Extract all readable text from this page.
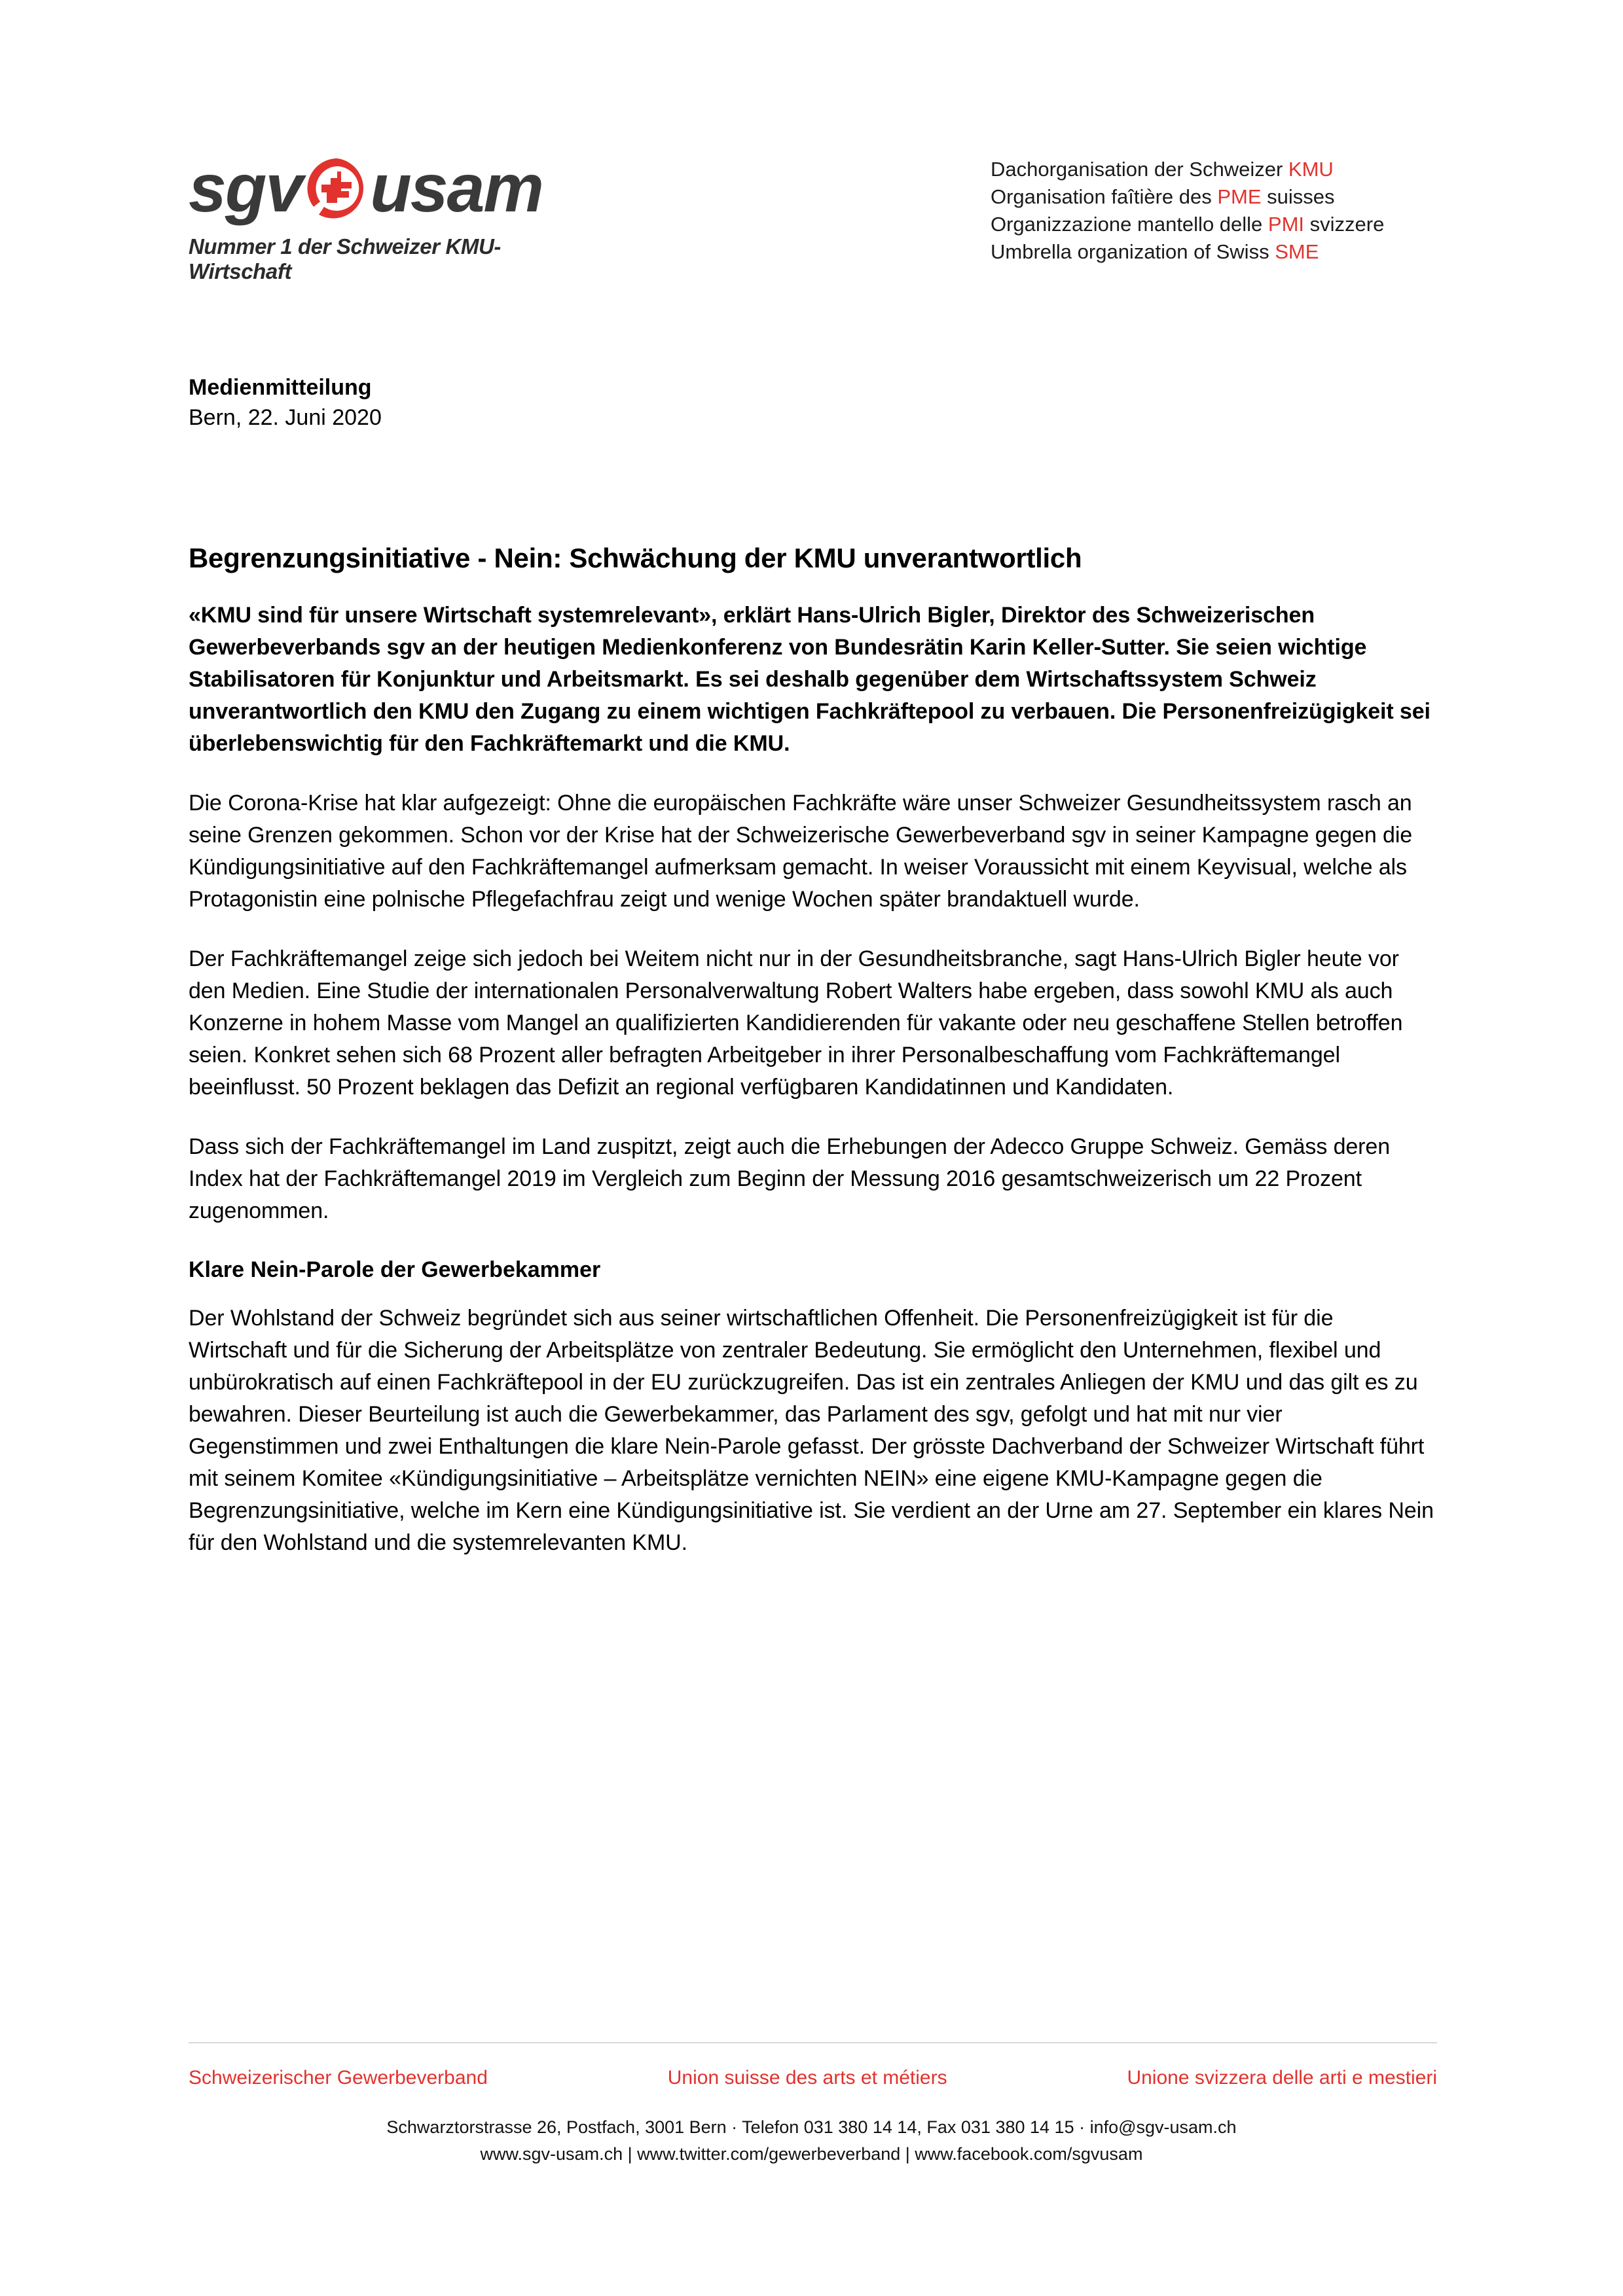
sgv usam
Nummer 1 der Schweizer KMU-Wirtschaft
Dachorganisation der Schweizer KMU
Organisation faîtière des PME suisses
Organizzazione mantello delle PMI svizzere
Umbrella organization of Swiss SME
Medienmitteilung
Bern, 22. Juni 2020
Begrenzungsinitiative - Nein: Schwächung der KMU unverantwortlich

«KMU sind für unsere Wirtschaft systemrelevant», erklärt Hans-Ulrich Bigler, Direktor des Schweizerischen Gewerbeverbands sgv an der heutigen Medienkonferenz von Bundesrätin Karin Keller-Sutter. Sie seien wichtige Stabilisatoren für Konjunktur und Arbeitsmarkt. Es sei deshalb gegenüber dem Wirtschaftssystem Schweiz unverantwortlich den KMU den Zugang zu einem wichtigen Fachkräftepool zu verbauen. Die Personenfreizügigkeit sei überlebenswichtig für den Fachkräftemarkt und die KMU.

Die Corona-Krise hat klar aufgezeigt: Ohne die europäischen Fachkräfte wäre unser Schweizer Gesundheitssystem rasch an seine Grenzen gekommen. Schon vor der Krise hat der Schweizerische Gewerbeverband sgv in seiner Kampagne gegen die Kündigungsinitiative auf den Fachkräftemangel aufmerksam gemacht. In weiser Voraussicht mit einem Keyvisual, welche als Protagonistin eine polnische Pflegefachfrau zeigt und wenige Wochen später brandaktuell wurde.

Der Fachkräftemangel zeige sich jedoch bei Weitem nicht nur in der Gesundheitsbranche, sagt Hans-Ulrich Bigler heute vor den Medien. Eine Studie der internationalen Personalverwaltung Robert Walters habe ergeben, dass sowohl KMU als auch Konzerne in hohem Masse vom Mangel an qualifizierten Kandidierenden für vakante oder neu geschaffene Stellen betroffen seien. Konkret sehen sich 68 Prozent aller befragten Arbeitgeber in ihrer Personalbeschaffung vom Fachkräftemangel beeinflusst. 50 Prozent beklagen das Defizit an regional verfügbaren Kandidatinnen und Kandidaten.

Dass sich der Fachkräftemangel im Land zuspitzt, zeigt auch die Erhebungen der Adecco Gruppe Schweiz. Gemäss deren Index hat der Fachkräftemangel 2019 im Vergleich zum Beginn der Messung 2016 gesamtschweizerisch um 22 Prozent zugenommen.

Klare Nein-Parole der Gewerbekammer

Der Wohlstand der Schweiz begründet sich aus seiner wirtschaftlichen Offenheit. Die Personenfreizügigkeit ist für die Wirtschaft und für die Sicherung der Arbeitsplätze von zentraler Bedeutung. Sie ermöglicht den Unternehmen, flexibel und unbürokratisch auf einen Fachkräftepool in der EU zurückzugreifen. Das ist ein zentrales Anliegen der KMU und das gilt es zu bewahren. Dieser Beurteilung ist auch die Gewerbekammer, das Parlament des sgv, gefolgt und hat mit nur vier Gegenstimmen und zwei Enthaltungen die klare Nein-Parole gefasst. Der grösste Dachverband der Schweizer Wirtschaft führt mit seinem Komitee «Kündigungsinitiative – Arbeitsplätze vernichten NEIN» eine eigene KMU-Kampagne gegen die Begrenzungsinitiative, welche im Kern eine Kündigungsinitiative ist. Sie verdient an der Urne am 27. September ein klares Nein für den Wohlstand und die systemrelevanten KMU.

Schweizerischer Gewerbeverband	Union suisse des arts et métiers	Unione svizzera delle arti e mestieri
Schwarztorstrasse 26, Postfach, 3001 Bern · Telefon 031 380 14 14, Fax 031 380 14 15 · info@sgv-usam.ch
www.sgv-usam.ch | www.twitter.com/gewerbeverband | www.facebook.com/sgvusam
